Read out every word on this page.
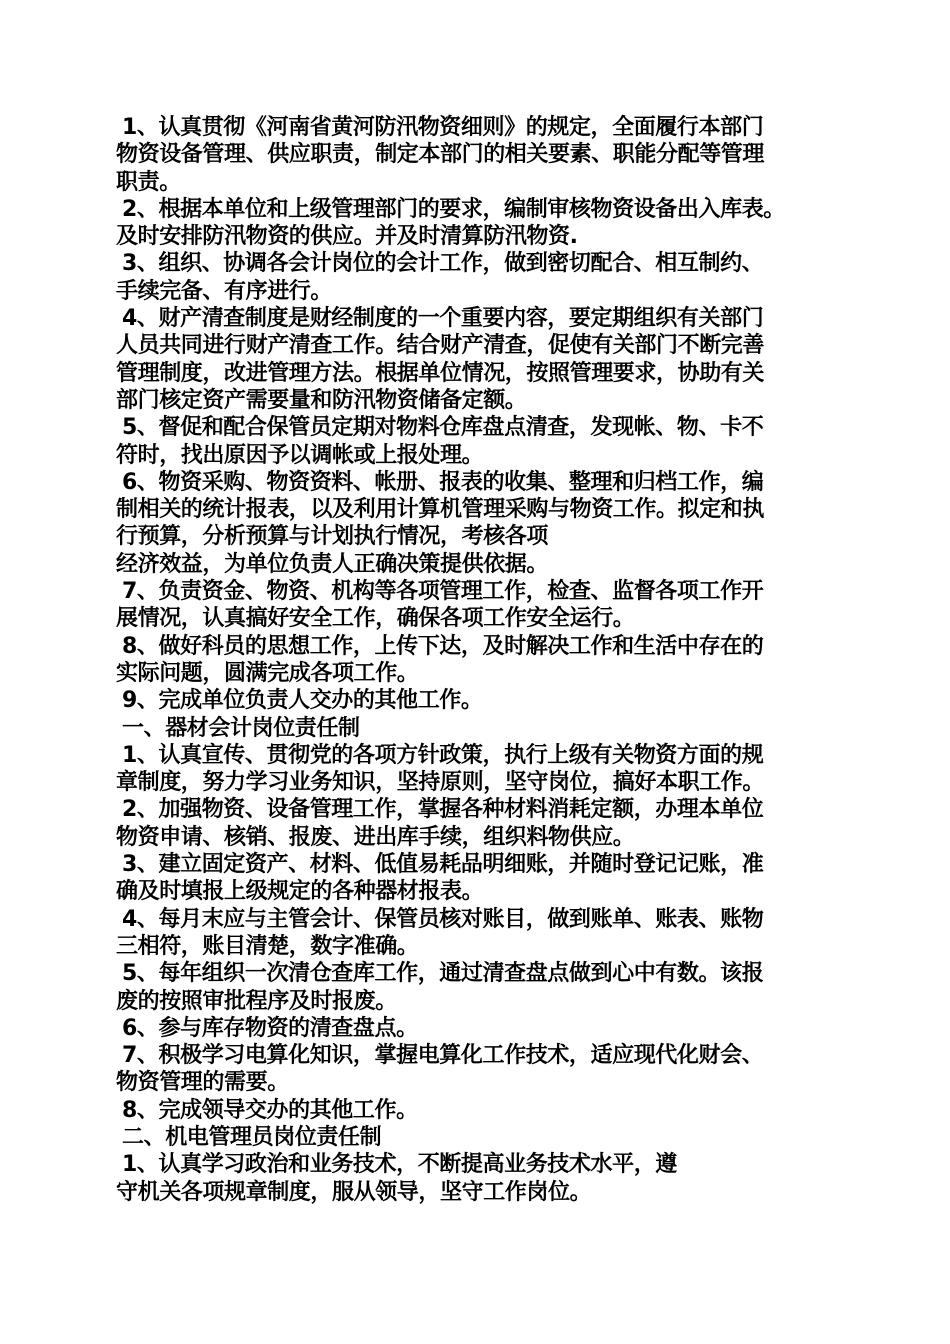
1、认真贯彻《河南省黄河防汛物资细则》的规定，全面履行本部门
物资设备管理、供应职责，制定本部门的相关要素、职能分配等管理
职责。
2、根据本单位和上级管理部门的要求，编制审核物资设备出入库表。
及时安排防汛物资的供应。并及时清算防汛物资.
3、组织、协调各会计岗位的会计工作，做到密切配合、相互制约、
手续完备、有序进行。
4、财产清查制度是财经制度的一个重要内容，要定期组织有关部门
人员共同进行财产清查工作。结合财产清查，促使有关部门不断完善
管理制度，改进管理方法。根据单位情况，按照管理要求，协助有关
部门核定资产需要量和防汛物资储备定额。
5、督促和配合保管员定期对物料仓库盘点清查，发现帐、物、卡不
符时，找出原因予以调帐或上报处理。
6、物资采购、物资资料、帐册、报表的收集、整理和归档工作，编
制相关的统计报表，以及利用计算机管理采购与物资工作。拟定和执
行预算，分析预算与计划执行情况，考核各项
经济效益，为单位负责人正确决策提供依据。
7、负责资金、物资、机构等各项管理工作，检查、监督各项工作开
展情况，认真搞好安全工作，确保各项工作安全运行。
8、做好科员的思想工作，上传下达，及时解决工作和生活中存在的
实际问题，圆满完成各项工作。
9、完成单位负责人交办的其他工作。
一、器材会计岗位责任制
1、认真宣传、贯彻党的各项方针政策，执行上级有关物资方面的规
章制度，努力学习业务知识，坚持原则，坚守岗位，搞好本职工作。
2、加强物资、设备管理工作，掌握各种材料消耗定额，办理本单位
物资申请、核销、报废、进出库手续，组织料物供应。
3、建立固定资产、材料、低值易耗品明细账，并随时登记记账，准
确及时填报上级规定的各种器材报表。
4、每月末应与主管会计、保管员核对账目，做到账单、账表、账物
三相符，账目清楚，数字准确。
5、每年组织一次清仓查库工作，通过清查盘点做到心中有数。该报
废的按照审批程序及时报废。
6、参与库存物资的清查盘点。
7、积极学习电算化知识，掌握电算化工作技术，适应现代化财会、
物资管理的需要。
8、完成领导交办的其他工作。
二、机电管理员岗位责任制
1、认真学习政治和业务技术，不断提高业务技术水平，遵
守机关各项规章制度，服从领导，坚守工作岗位。
